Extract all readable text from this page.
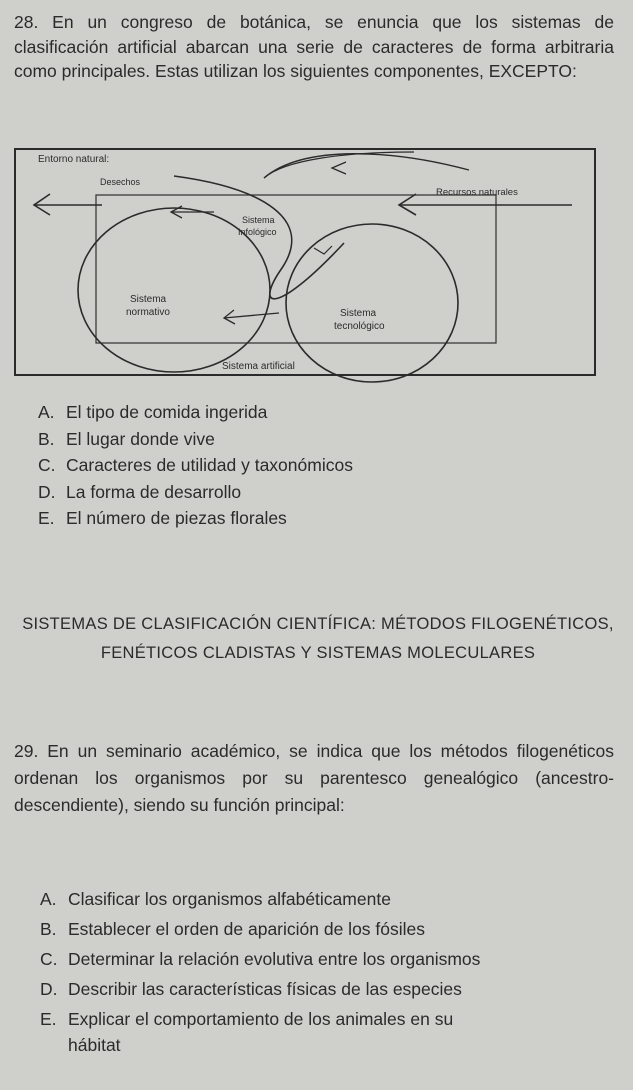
28. En un congreso de botánica, se enuncia que los sistemas de clasificación artificial abarcan una serie de caracteres de forma arbitraria como principales. Estas utilizan los siguientes componentes, EXCEPTO:
Entorno natural:
Desechos
Recursos naturales
Sistema
Infológico
Sistema
normativo	Sistema
tecnológico
Sistema artificial
A. El tipo de comida ingerida
B. El lugar donde vive
C. Caracteres de utilidad y taxonómicos
D. La forma de desarrollo
E. El número de piezas florales
SISTEMAS DE CLASIFICACIÓN CIENTÍFICA: MÉTODOS FILOGENÉTICOS, FENÉTICOS CLADISTAS Y SISTEMAS MOLECULARES
29. En un seminario académico, se indica que los métodos filogenéticos ordenan los organismos por su parentesco genealógico (ancestro-descendiente), siendo su función principal:
A. Clasificar los organismos alfabéticamente
B. Establecer el orden de aparición de los fósiles
C. Determinar la relación evolutiva entre los organismos
D. Describir las características físicas de las especies
E. Explicar el comportamiento de los animales en su
hábitat
